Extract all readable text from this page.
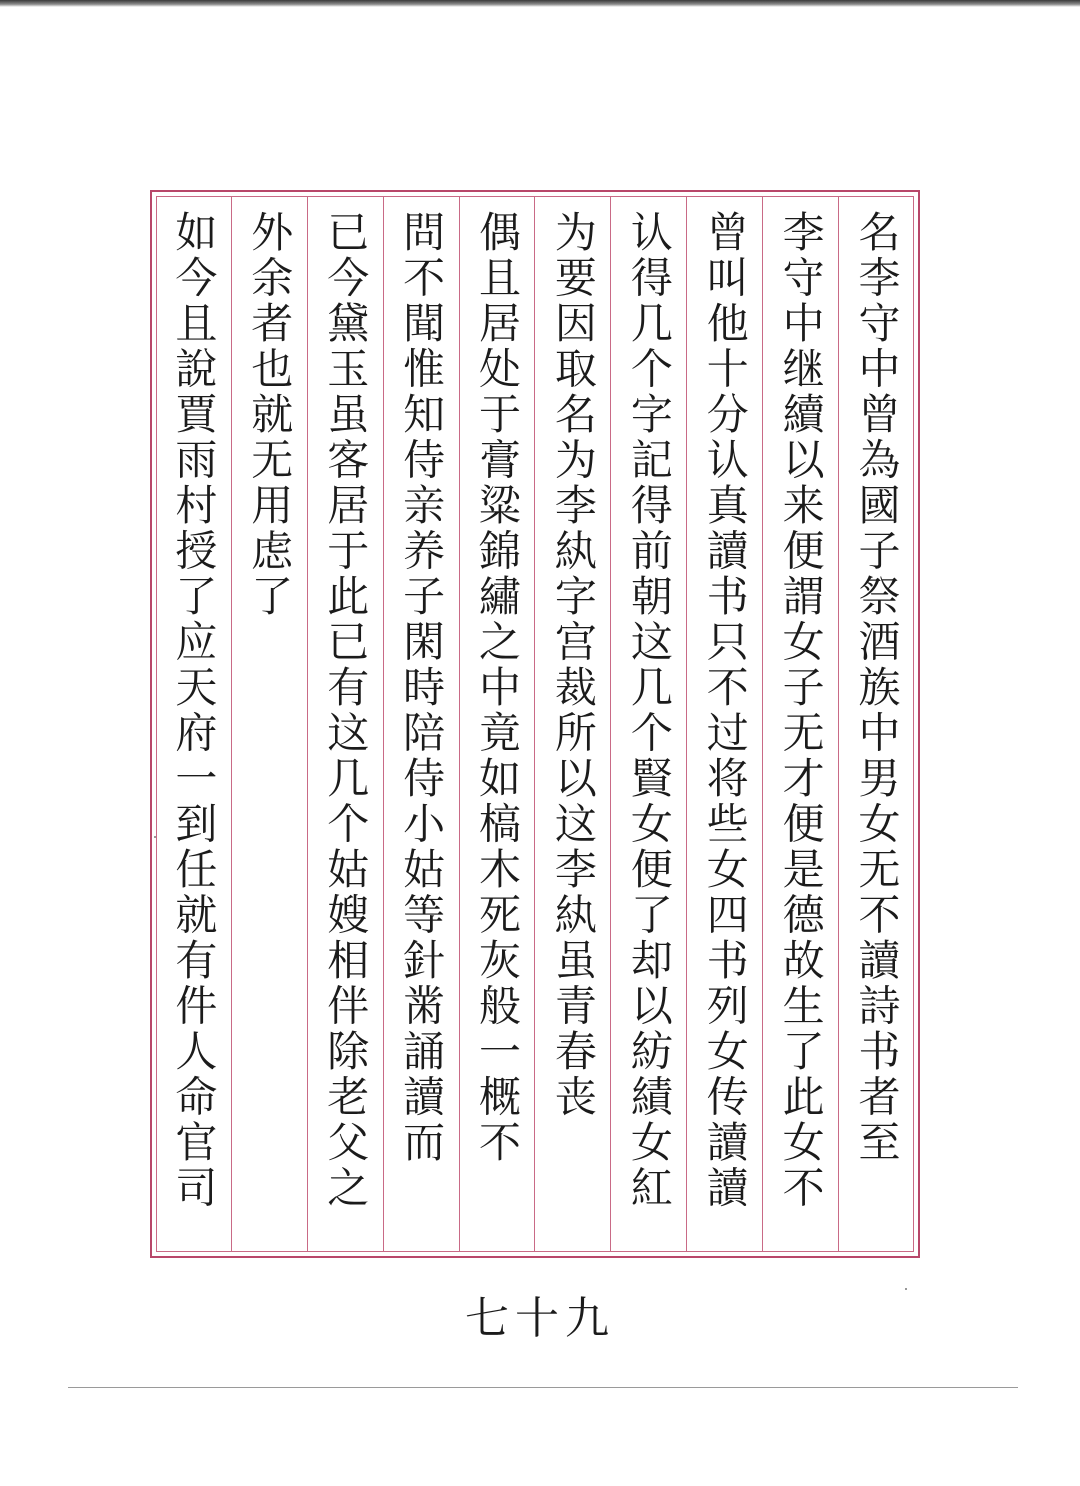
名李守中曾為國子祭酒族中男女无不讀詩书者至
李守中继續以来便謂女子无才便是德故生了此女不
曾叫他十分认真讀书只不过将些女四书列女传讀讀
认得几个字記得前朝这几个賢女便了却以紡績女紅
为要因取名为李紈字宫裁所以这李紈虽青春丧
偶且居处于膏粱錦繡之中竟如槁木死灰般一概不
問不聞惟知侍亲养子閑時陪侍小姑等針黹誦讀而
已今黛玉虽客居于此已有这几个姑嫂相伴除老父之
外余者也就无用虑了
如今且說賈雨村授了应天府一到任就有件人命官司
七十九
